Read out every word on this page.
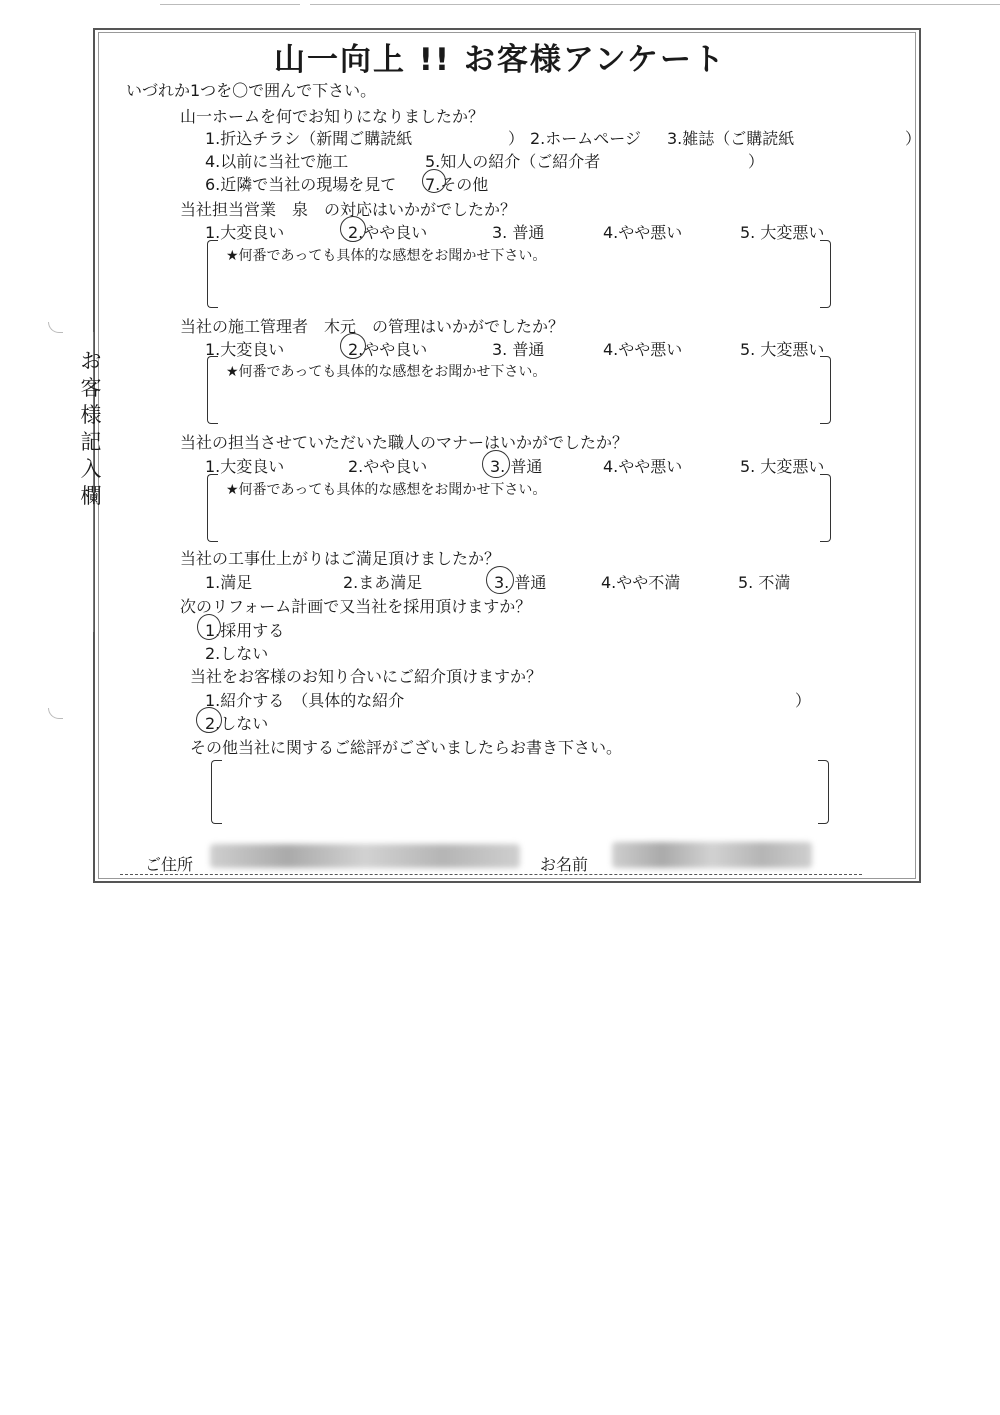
山一向上 !! お客様アンケート
いづれか1つを〇で囲んで下さい。
お
客
様
記
入
欄
山一ホームを何でお知りになりましたか？
1.折込チラシ（新聞ご購読紙	） 2.ホームページ 3.雑誌（ご購読紙	）
4.以前に当社で施工	5.知人の紹介（ご紹介者	）
6.近隣で当社の現場を見て 7.その他
当社担当営業　泉　の対応はいかがでしたか？
1.大変良い	2.やや良い	3. 普通	4.やや悪い	5. 大変悪い
★何番であっても具体的な感想をお聞かせ下さい。
当社の施工管理者　木元　の管理はいかがでしたか？
1.大変良い	2.やや良い	3. 普通	4.やや悪い	5. 大変悪い
★何番であっても具体的な感想をお聞かせ下さい。
当社の担当させていただいた職人のマナーはいかがでしたか？
1.大変良い	2.やや良い	3. 普通	4.やや悪い	5. 大変悪い
★何番であっても具体的な感想をお聞かせ下さい。
当社の工事仕上がりはご満足頂けましたか？
1.満足	2.まあ満足	3. 普通	4.やや不満	5. 不満
次のリフォーム計画で又当社を採用頂けますか？
1.採用する
2.しない
当社をお客様のお知り合いにご紹介頂けますか？
1.紹介する　（具体的な紹介	）
2.しない
その他当社に関するご総評がございましたらお書き下さい。
ご住所	お名前
